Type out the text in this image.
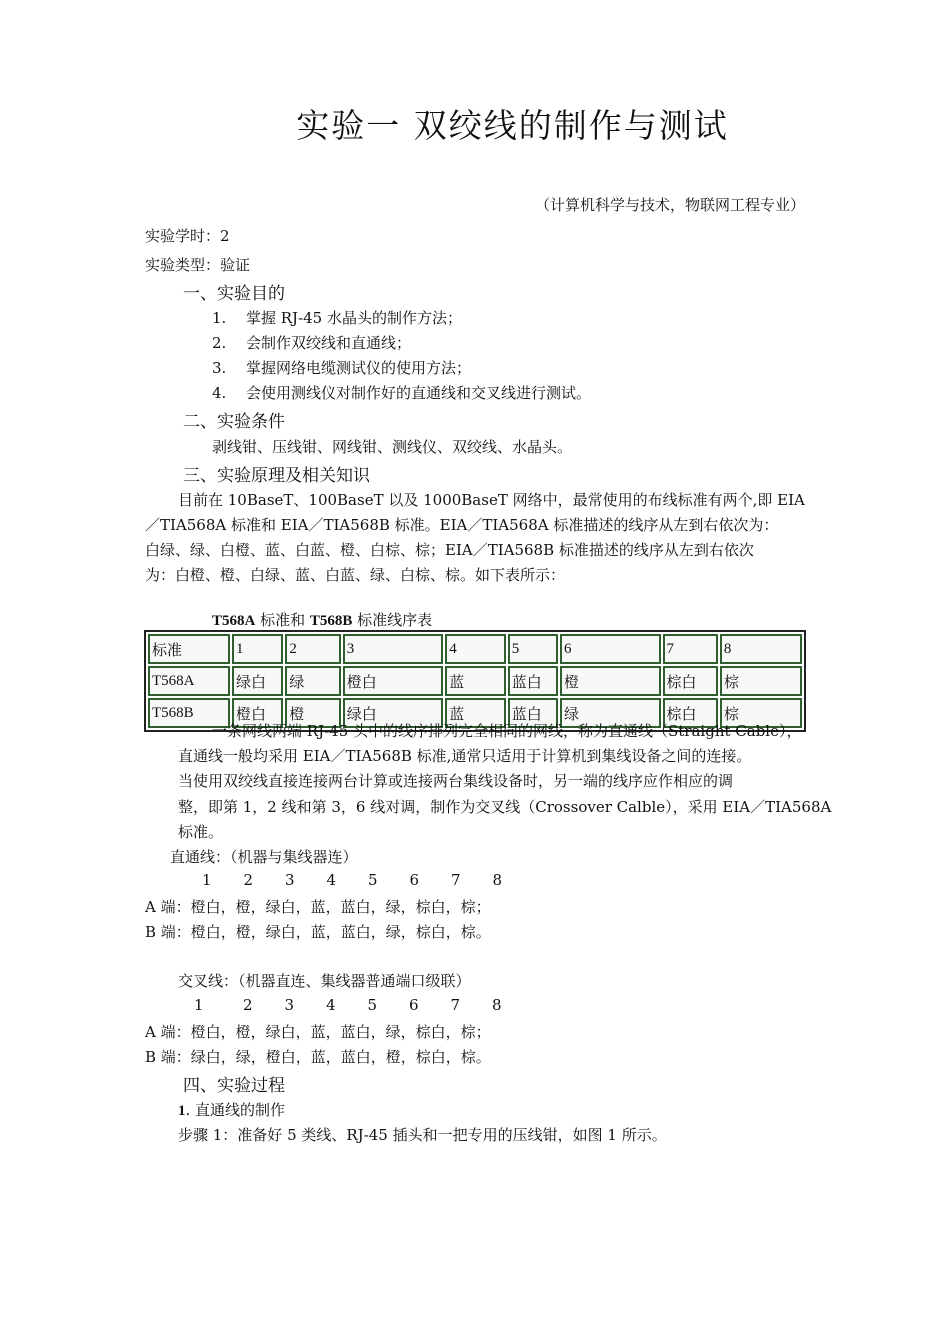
实验一 双绞线的制作与测试
（计算机科学与技术，物联网工程专业）
实验学时：2
实验类型：验证
一、实验目的
1. 掌握 RJ-45 水晶头的制作方法；
2. 会制作双绞线和直通线；
3. 掌握网络电缆测试仪的使用方法；
4. 会使用测线仪对制作好的直通线和交叉线进行测试。
二、实验条件
剥线钳、压线钳、网线钳、测线仪、双绞线、水晶头。
三、实验原理及相关知识
目前在 10BaseT、100BaseT 以及 1000BaseT 网络中，最常使用的布线标准有两个,即 EIA
／TIA568A 标准和 EIA／TIA568B 标准。EIA／TIA568A 标准描述的线序从左到右依次为：
白绿、绿、白橙、蓝、白蓝、橙、白棕、棕；EIA／TIA568B 标准描述的线序从左到右依次
为：白橙、橙、白绿、蓝、白蓝、绿、白棕、棕。如下表所示：
T568A 标准和 T568B 标准线序表
标准	1	2	3	4	5	6	7	8
T568A	绿白	绿	橙白	蓝	蓝白	橙	棕白	棕
T568B	橙白	橙	绿白	蓝	蓝白	绿	棕白	棕
一条网线两端 RJ-45 头中的线序排列完全相同的网线，称为直通线（Straight Cable），
直通线一般均采用 EIA／TIA568B 标准,通常只适用于计算机到集线设备之间的连接。
当使用双绞线直接连接两台计算或连接两台集线设备时，另一端的线序应作相应的调
整，即第 1，2 线和第 3，6 线对调，制作为交叉线（Crossover Calble），采用 EIA／TIA568A
标准。
直通线：（机器与集线器连）
1 2 3 4 5 6 7 8
A 端：橙白，橙，绿白，蓝，蓝白，绿，棕白，棕；
B 端：橙白，橙，绿白，蓝，蓝白，绿，棕白，棕。
交叉线：（机器直连、集线器普通端口级联）
1	2 3 4 5 6 7 8
A 端：橙白，橙，绿白，蓝，蓝白，绿，棕白，棕；
B 端：绿白，绿，橙白，蓝，蓝白，橙，棕白，棕。
四、实验过程
1. 直通线的制作
步骤 1：准备好 5 类线、RJ-45 插头和一把专用的压线钳，如图 1 所示。
